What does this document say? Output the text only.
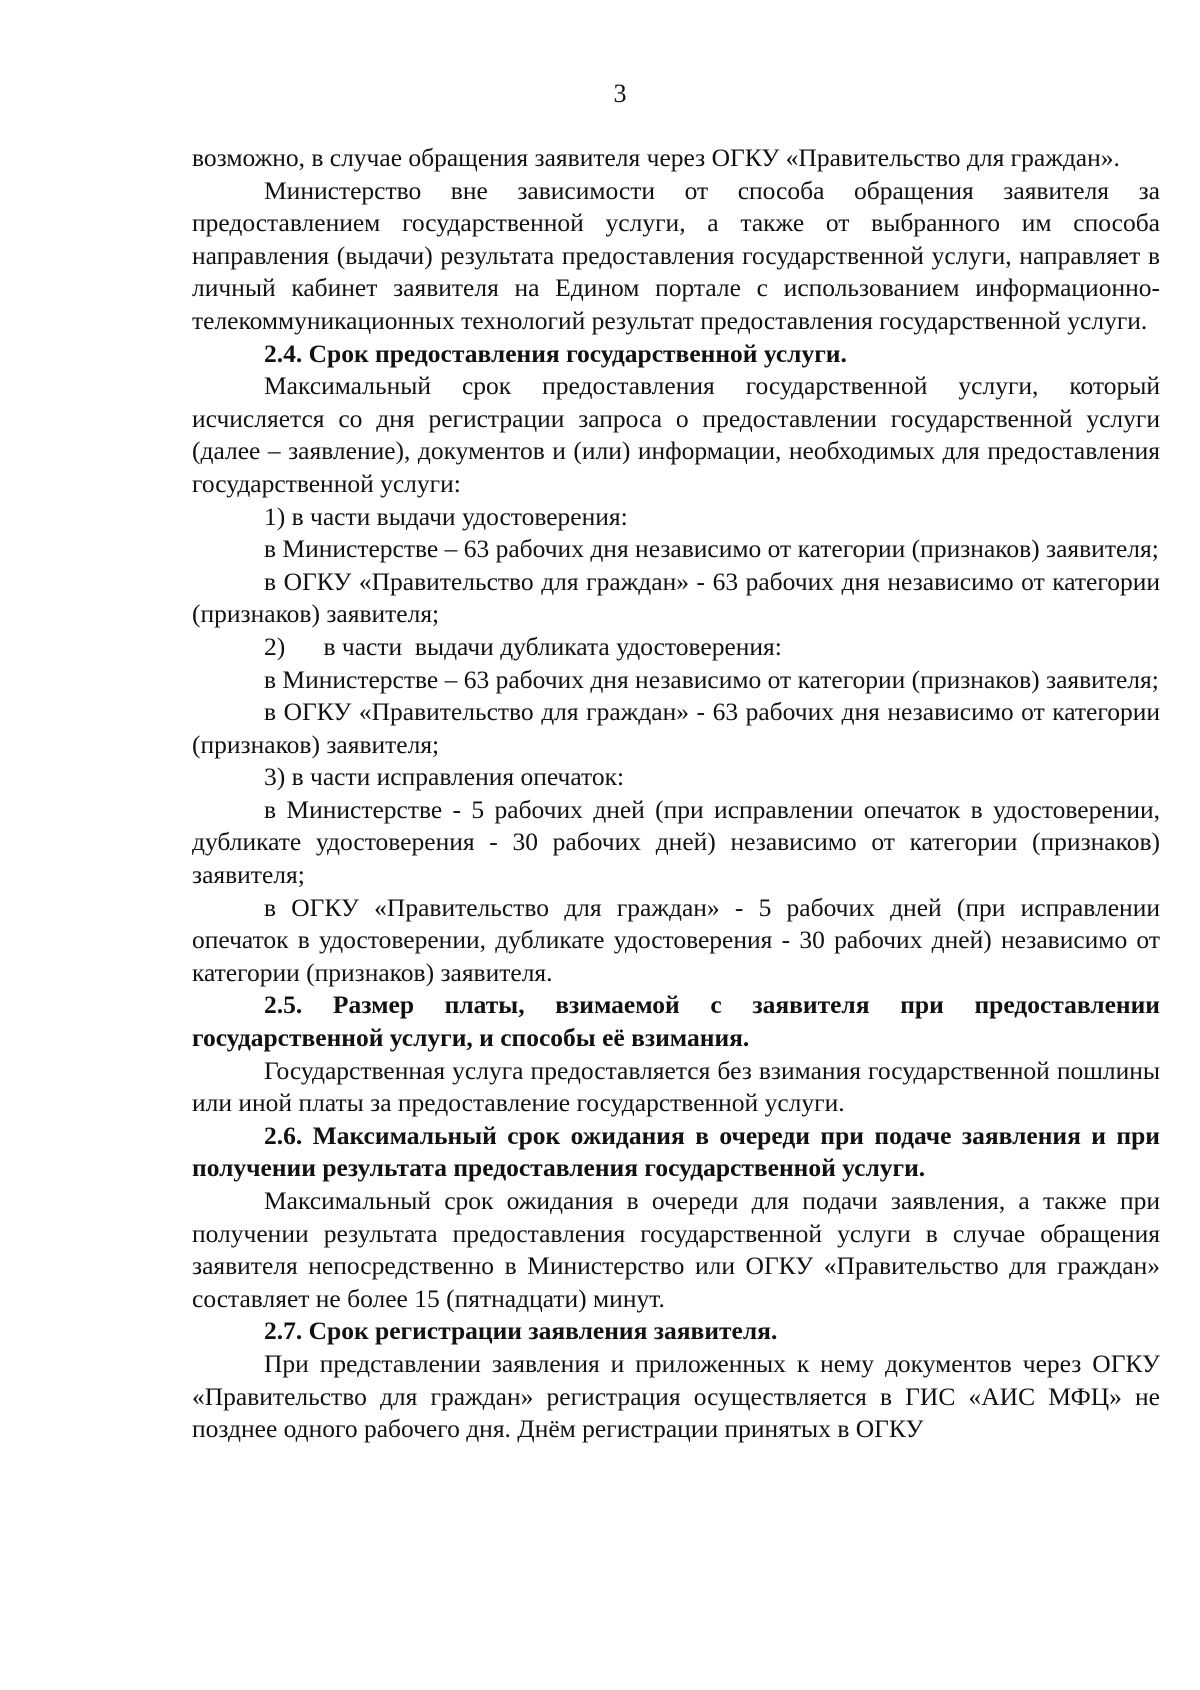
3

возможно, в случае обращения заявителя через ОГКУ «Правительство для граждан».

Министерство вне зависимости от способа обращения заявителя за предоставлением государственной услуги, а также от выбранного им способа направления (выдачи) результата предоставления государственной услуги, направляет в личный кабинет заявителя на Едином портале с использованием информационно-телекоммуникационных технологий результат предоставления государственной услуги.

2.4. Срок предоставления государственной услуги.

Максимальный срок предоставления государственной услуги, который исчисляется со дня регистрации запроса о предоставлении государственной услуги (далее – заявление), документов и (или) информации, необходимых для предоставления государственной услуги:

1) в части выдачи удостоверения:

в Министерстве – 63 рабочих дня независимо от категории (признаков) заявителя;

в ОГКУ «Правительство для граждан» - 63 рабочих дня независимо от категории (признаков) заявителя;

2)      в части  выдачи дубликата удостоверения:

в Министерстве – 63 рабочих дня независимо от категории (признаков) заявителя;

в ОГКУ «Правительство для граждан» - 63 рабочих дня независимо от категории (признаков) заявителя;

3) в части исправления опечаток:

в Министерстве - 5 рабочих дней (при исправлении опечаток в удостоверении, дубликате удостоверения - 30 рабочих дней) независимо от категории (признаков) заявителя;

в ОГКУ «Правительство для граждан» - 5 рабочих дней (при исправлении опечаток в удостоверении, дубликате удостоверения - 30 рабочих дней) независимо от категории (признаков) заявителя.

2.5. Размер платы, взимаемой с заявителя при предоставлении государственной услуги, и способы её взимания.

Государственная услуга предоставляется без взимания государственной пошлины или иной платы за предоставление государственной услуги.

2.6. Максимальный срок ожидания в очереди при подаче заявления и при получении результата предоставления государственной услуги.

Максимальный срок ожидания в очереди для подачи заявления, а также при получении результата предоставления государственной услуги в случае обращения заявителя непосредственно в Министерство или ОГКУ «Правительство для граждан» составляет не более 15 (пятнадцати) минут.

2.7. Срок регистрации заявления заявителя.

При представлении заявления и приложенных к нему документов через ОГКУ «Правительство для граждан» регистрация осуществляется в ГИС «АИС МФЦ» не позднее одного рабочего дня. Днём регистрации принятых в ОГКУ
